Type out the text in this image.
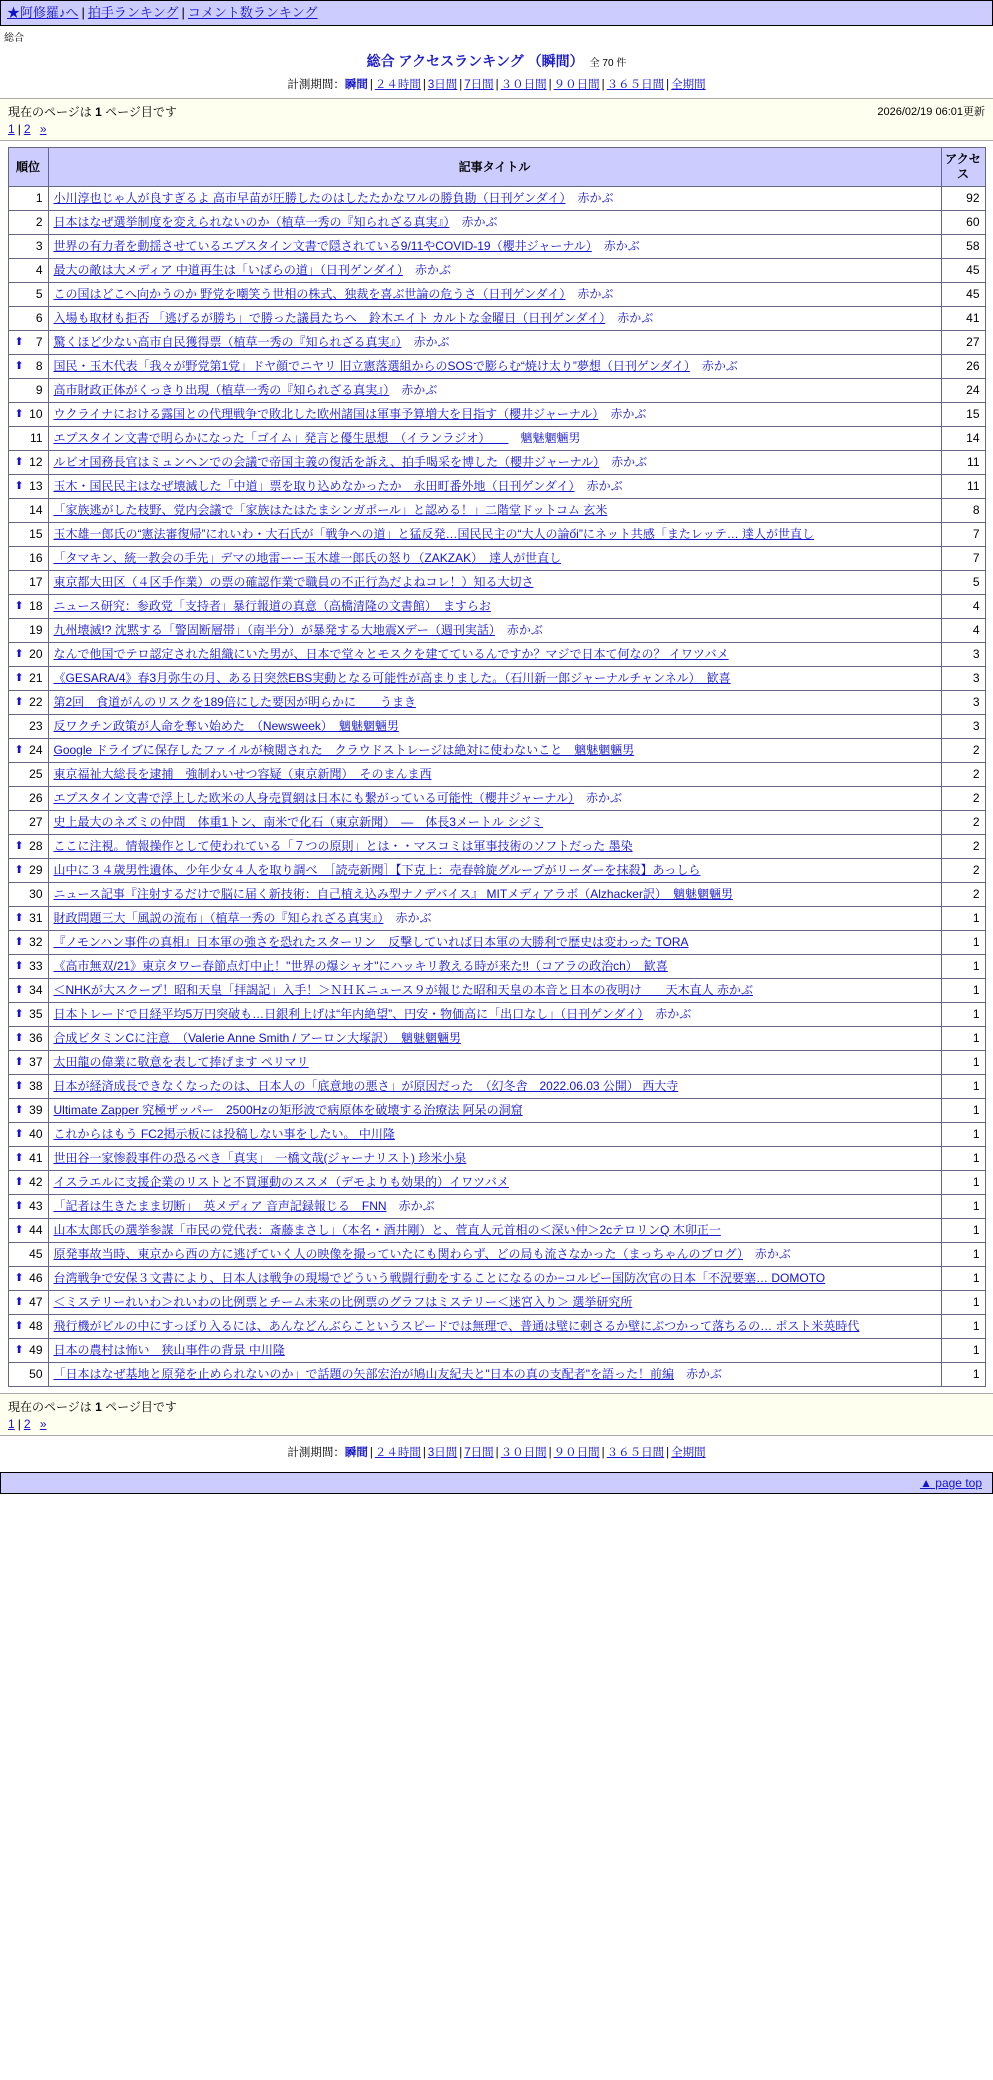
★阿修羅♪へ | 拍手ランキング | コメント数ランキング
総合
総合 アクセスランキング （瞬間） 全 70 件
計測期間：瞬間 | ２４時間 | 3日間 | 7日間 | ３０日間 | ９０日間 | ３６５日間 | 全期間
現在のページは 1 ページ目です	2026/02/19 06:01更新
1 | 2 »
順位	記事タイトル	アクセス
1	小川淳也じゃ人が良すぎるよ 高市早苗が圧勝したのはしたたかなワルの勝負勘（日刊ゲンダイ）　 赤かぶ	92
2	日本はなぜ選挙制度を変えられないのか（植草一秀の『知られざる真実』）　 赤かぶ	60
3	世界の有力者を動揺させているエプスタイン文書で隠されている9/11やCOVID-19（櫻井ジャーナル）　 赤かぶ	58
4	最大の敵は大メディア 中道再生は「いばらの道」（日刊ゲンダイ）　 赤かぶ	45
5	この国はどこへ向かうのか 野党を嘲笑う世相の株式、独裁を喜ぶ世論の危うさ（日刊ゲンダイ）　 赤かぶ	45
6	入場も取材も拒否 「逃げるが勝ち」で勝った議員たちへ　鈴木エイト カルトな金曜日（日刊ゲンダイ）　 赤かぶ	41

⬆ 7	驚くほど少ない高市自民獲得票（植草一秀の『知られざる真実』）　 赤かぶ	27

⬆ 8	国民・玉木代表「我々が野党第1党」ドヤ顔でニヤリ 旧立憲落選組からのSOSで膨らむ“焼け太り”夢想（日刊ゲンダイ）　 赤かぶ	26
9	高市財政正体がくっきり出現（植草一秀の『知られざる真実』）　 赤かぶ	24

⬆ 10	ウクライナにおける露国との代理戦争で敗北した欧州諸国は軍事予算増大を目指す（櫻井ジャーナル）　 赤かぶ	15
11	エプスタイン文書で明らかになった「ゴイム」発言と優生思想　（イランラジオ）　　　魑魅魍魎男	14

⬆ 12	ルビオ国務長官はミュンヘンでの会議で帝国主義の復活を訴え、拍手喝采を博した（櫻井ジャーナル）　 赤かぶ	11

⬆ 13	玉木・国民民主はなぜ壊滅した「中道」票を取り込めなかったか　永田町番外地（日刊ゲンダイ）　 赤かぶ	11
14	「家族逃がした枝野、党内会議で「家族はたはたまシンガポール」と認める！」二階堂ドットコム 玄米	8
15	玉木雄一郎氏の“憲法審復帰”にれいわ・大石氏が「戦争への道」と猛反発…国民民主の“大人の論ối”にネット共感「またレッテ… 達人が世直し	7
16	「タマキン、統一教会の手先」デマの地雷ーー玉木雄一郎氏の怒り（ZAKZAK）　達人が世直し	7
17	東京都大田区（４区手作業）の票の確認作業で職員の不正行為だよねコレ！）知る大切さ	5

⬆ 18	ニュース研究：参政党「支持者」暴行報道の真意（高橋清隆の文書館）　ますらお	4
19	九州壊滅!? 沈黙する「警固断層帯」（南半分）が暴発する大地震Xデー（週刊実話）　 赤かぶ	4

⬆ 20	なんで他国でテロ認定された組織にいた男が、日本で堂々とモスクを建てているんですか？マジで日本て何なの？ イワツバメ	3

⬆ 21	《GESARA/4》春3月弥生の月、ある日突然EBS実動となる可能性が高まりました。（石川新一郎ジャーナルチャンネル）　歓喜	3

⬆ 22	第2回　食道がんのリスクを189倍にした要因が明らかに　　うまき	3
23	反ワクチン政策が人命を奪い始めた　（Newsweek）　魑魅魍魎男	3

⬆ 24	Google ドライブに保存したファイルが検閲された　クラウドストレージは絶対に使わないこと　魑魅魍魎男	2
25	東京福祉大総長を逮捕　強制わいせつ容疑（東京新聞）　そのまんま西	2
26	エプスタイン文書で浮上した欧米の人身売買網は日本にも繋がっている可能性（櫻井ジャーナル）　 赤かぶ	2
27	史上最大のネズミの仲間　体重1トン、南米で化石（東京新聞）　―　体長3メートル シジミ	2

⬆ 28	ここに注視。情報操作として使われている「７つの原則」とは・・マスコミは軍事技術のソフトだった 墨染	2

⬆ 29	山中に３４歳男性遺体、少年少女４人を取り調べ　［読売新聞］【下克上：売春斡旋グループがリーダーを抹殺】あっしら	2
30	ニュース記事『注射するだけで脳に届く新技術：自己植え込み型ナノデバイス』 MITメディアラボ（Alzhacker訳）　魑魅魍魎男	2

⬆ 31	財政問題三大「風説の流布」（植草一秀の『知られざる真実』）　 赤かぶ	1

⬆ 32	『ノモンハン事件の真相』日本軍の強さを恐れたスターリン　反撃していれば日本軍の大勝利で歴史は変わった TORA	1

⬆ 33	《高市無双/21》東京タワー春節点灯中止！"世界の爆シャオ"にハッキリ教える時が来た!!（コアラの政治ch）　歓喜	1

⬆ 34	＜NHKが大スクープ！昭和天皇「拝謁記」入手！＞ＮＨＫニュース９が報じた昭和天皇の本音と日本の夜明け　　天木直人 赤かぶ	1

⬆ 35	日本トレードで日経平均5万円突破も…日銀利上げは“年内絶望”、円安・物価高に「出口なし」（日刊ゲンダイ）　 赤かぶ	1

⬆ 36	合成ビタミンCに注意　（Valerie Anne Smith / アーロン大塚訳）　魑魅魍魎男	1

⬆ 37	太田龍の偉業に敬意を表して捧げます ペリマリ	1

⬆ 38	日本が経済成長できなくなったのは、日本人の「底意地の悪さ」が原因だった　（幻冬舎　2022.06.03 公開） 西大寺	1

⬆ 39	Ultimate Zapper 究極ザッパー　2500Hzの矩形波で病原体を破壊する治療法 阿呆の洞窟	1

⬆ 40	これからはもう FC2掲示板には投稿しない事をしたい。 中川隆	1

⬆ 41	世田谷一家惨殺事件の恐るべき「真実」　一橋文哉(ジャーナリスト) 珍米小泉	1

⬆ 42	イスラエルに支援企業のリストと不買運動のススメ（デモよりも効果的）イワツバメ	1

⬆ 43	「記者は生きたまま切断」　英メディア 音声記録報じる　FNN　 赤かぶ	1

⬆ 44	山本太郎氏の選挙参謀「市民の党代表：斎藤まさし」（本名・酒井剛）と、菅直人元首相の＜深い仲＞2cテロリンQ 木卯正一	1
45	原発事故当時、東京から西の方に逃げていく人の映像を撮っていたにも関わらず、どの局も流さなかった（まっちゃんのブログ）　 赤かぶ	1

⬆ 46	台湾戦争で安保３文書により、日本人は戦争の現場でどういう戦闘行動をすることになるのか−コルビー国防次官の日本「不況要塞… DOMOTO	1

⬆ 47	＜ミステリーれいわ＞れいわの比例票とチーム未来の比例票のグラフはミステリー＜迷宮入り＞ 選挙研究所	1

⬆ 48	飛行機がビルの中にすっぽり入るには、あんなどんぶらこというスピードでは無理で、普通は壁に刺さるか壁にぶつかって落ちるの… ポスト米英時代	1

⬆ 49	日本の農村は怖い　狭山事件の背景 中川隆	1
50	「日本はなぜ基地と原発を止められないのか」で話題の矢部宏治が鳩山友紀夫と"日本の真の支配者"を語った！前編　 赤かぶ	1
現在のページは 1 ページ目です
1 | 2 »
計測期間：瞬間 | ２４時間 | 3日間 | 7日間 | ３０日間 | ９０日間 | ３６５日間 | 全期間
▲ page top
